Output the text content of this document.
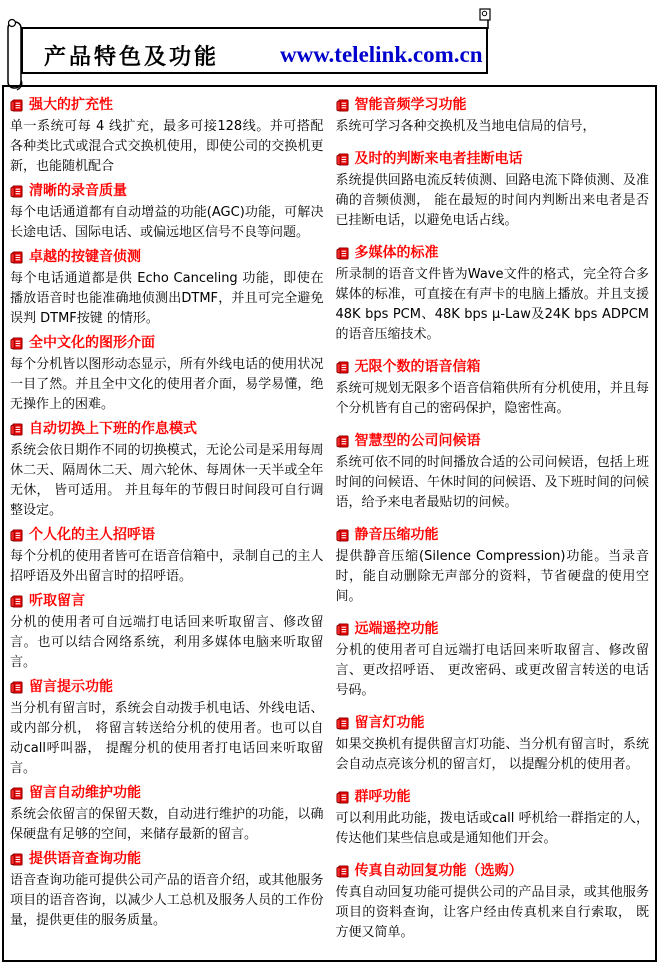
产品特色及功能	www.telelink.com.cn
强大的扩充性

单一系统可每 4 线扩充，最多可接128线。并可搭配各种类比式或混合式交换机使用，即使公司的交换机更新，也能随机配合

清晰的录音质量

每个电话通道都有自动增益的功能(AGC)功能，可解决长途电话、国际电话、或偏远地区信号不良等问题。

卓越的按键音侦测

每个电话通道都是供 Echo Canceling 功能，即使在播放语音时也能准确地侦测出DTMF，并且可完全避免误判 DTMF按键 的情形。

全中文化的图形介面

每个分机皆以图形动态显示，所有外线电话的使用状况一目了然。并且全中文化的使用者介面，易学易懂，绝无操作上的困难。

自动切换上下班的作息模式

系统会依日期作不同的切换模式，无论公司是采用每周休二天、隔周休二天、周六轮休、每周休一天半或全年无休， 皆可适用。 并且每年的节假日时间段可自行调整设定。

个人化的主人招呼语

每个分机的使用者皆可在语音信箱中，录制自己的主人招呼语及外出留言时的招呼语。

听取留言

分机的使用者可自远端打电话回来听取留言、修改留言。也可以结合网络系统，利用多媒体电脑来听取留言。

留言提示功能

当分机有留言时，系统会自动拨手机电话、外线电话、或内部分机， 将留言转送给分机的使用者。也可以自动call呼叫器， 提醒分机的使用者打电话回来听取留言。

留言自动维护功能

系统会依留言的保留天数，自动进行维护的功能，以确保硬盘有足够的空间，来储存最新的留言。

提供语音查询功能

语音查询功能可提供公司产品的语音介绍，或其他服务项目的语音咨询，以减少人工总机及服务人员的工作份量，提供更佳的服务质量。

智能音频学习功能

系统可学习各种交换机及当地电信局的信号，

及时的判断来电者挂断电话

系统提供回路电流反转侦测、回路电流下降侦测、及准确的音频侦测， 能在最短的时间内判断出来电者是否已挂断电话，以避免电话占线。

多媒体的标准

所录制的语音文件皆为Wave文件的格式，完全符合多媒体的标准，可直接在有声卡的电脑上播放。并且支援48K bps PCM、48K bps μ-Law及24K bps ADPCM的语音压缩技术。

无限个数的语音信箱

系统可规划无限多个语音信箱供所有分机使用，并且每个分机皆有自己的密码保护，隐密性高。

智慧型的公司问候语

系统可依不同的时间播放合适的公司问候语，包括上班时间的问候语、午休时间的问候语、及下班时间的问候语，给予来电者最贴切的问候。

静音压缩功能

提供静音压缩(Silence Compression)功能。当录音时，能自动删除无声部分的资料，节省硬盘的使用空间。

远端遥控功能

分机的使用者可自远端打电话回来听取留言、修改留言、更改招呼语、 更改密码、或更改留言转送的电话号码。

留言灯功能

如果交换机有提供留言灯功能、当分机有留言时，系统会自动点亮该分机的留言灯， 以提醒分机的使用者。

群呼功能

可以利用此功能，拨电话或call 呼机给一群指定的人，传达他们某些信息或是通知他们开会。

传真自动回复功能（选购）

传真自动回复功能可提供公司的产品目录，或其他服务项目的资料查询，让客户经由传真机来自行索取， 既方便又简单。
